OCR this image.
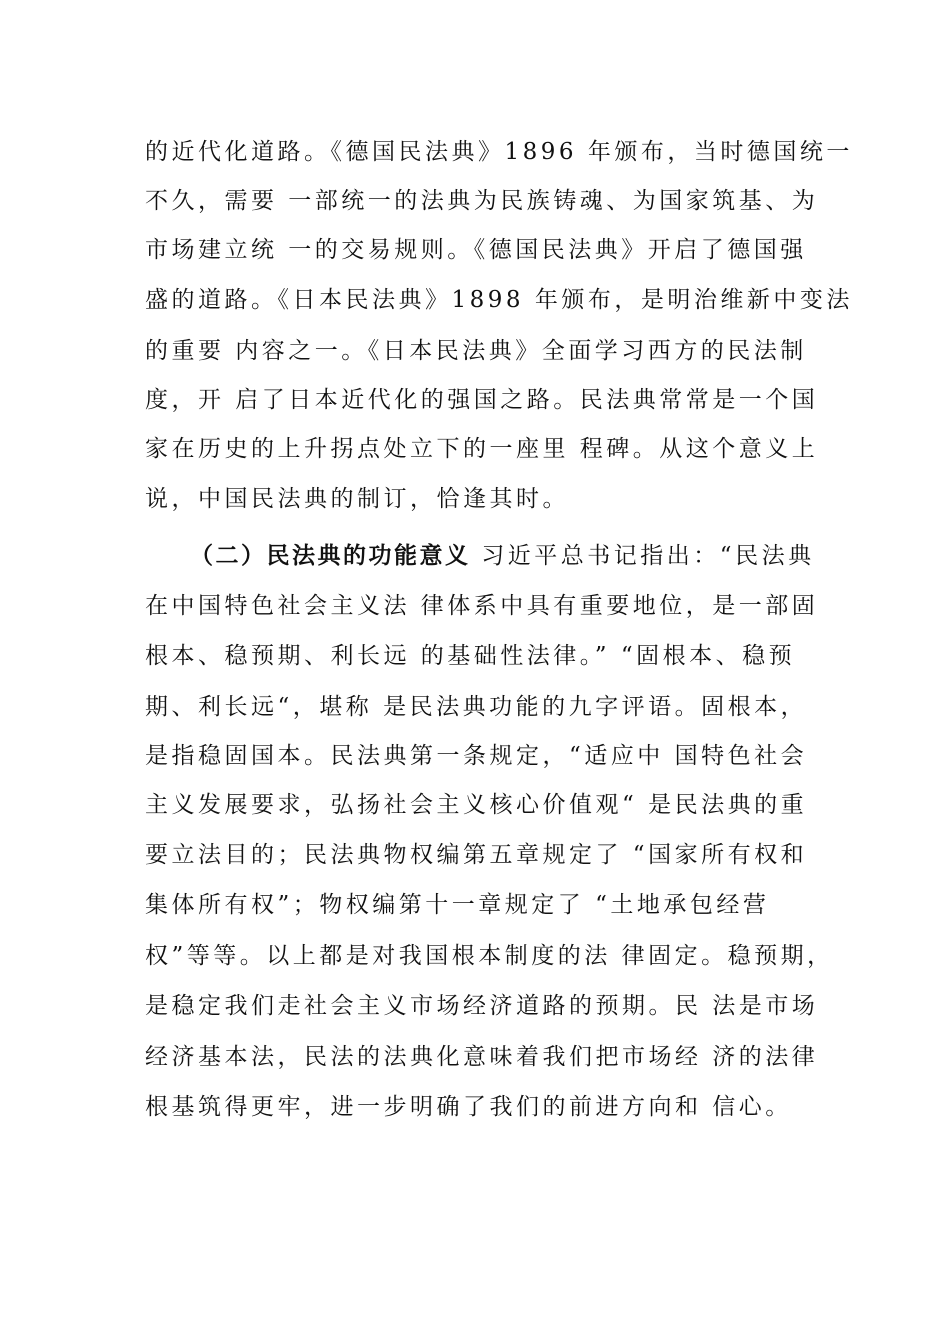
的近代化道路。《德国民法典》1896 年颁布，当时德国统一
不久，需要 一部统一的法典为民族铸魂、为国家筑基、为
市场建立统 一的交易规则。《德国民法典》开启了德国强
盛的道路。《日本民法典》1898 年颁布，是明治维新中变法
的重要 内容之一。《日本民法典》全面学习西方的民法制
度，开 启了日本近代化的强国之路。民法典常常是一个国
家在历史的上升拐点处立下的一座里 程碑。从这个意义上
说，中国民法典的制订，恰逢其时。
（二）民法典的功能意义 习近平总书记指出：“民法典
在中国特色社会主义法 律体系中具有重要地位，是一部固
根本、稳预期、利长远 的基础性法律。” “固根本、稳预
期、利长远“，堪称 是民法典功能的九字评语。固根本，
是指稳固国本。民法典第一条规定，“适应中 国特色社会
主义发展要求，弘扬社会主义核心价值观“ 是民法典的重
要立法目的；民法典物权编第五章规定了 “国家所有权和
集体所有权”；物权编第十一章规定了 “土地承包经营
权”等等。以上都是对我国根本制度的法 律固定。稳预期，
是稳定我们走社会主义市场经济道路的预期。民 法是市场
经济基本法，民法的法典化意味着我们把市场经 济的法律
根基筑得更牢，进一步明确了我们的前进方向和 信心。
